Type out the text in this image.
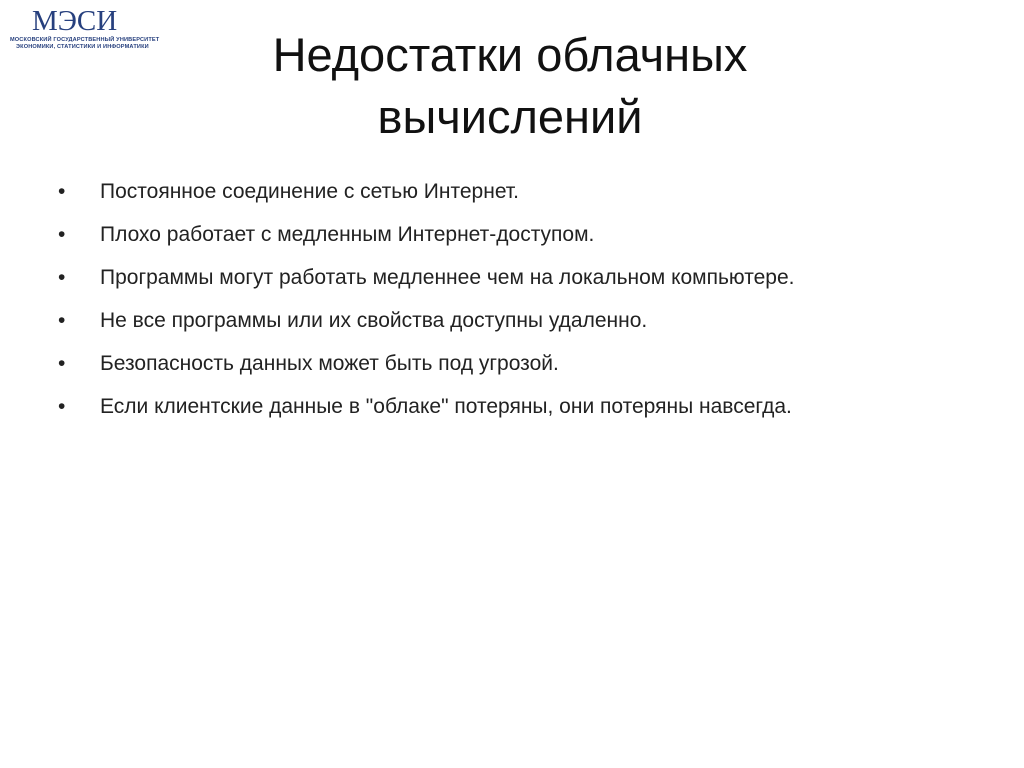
МЭСИ
МОСКОВСКИЙ ГОСУДАРСТВЕННЫЙ УНИВЕРСИТЕТ
ЭКОНОМИКИ, СТАТИСТИКИ И ИНФОРМАТИКИ	Недостатки облачных
вычислений
• Постоянное соединение с сетью Интернет.
• Плохо работает с медленным Интернет-доступом.
• Программы могут работать медленнее чем на локальном компьютере.
• Не все программы или их свойства доступны удаленно.
• Безопасность данных может быть под угрозой.
• Если клиентские данные в "облаке" потеряны, они потеряны навсегда.
